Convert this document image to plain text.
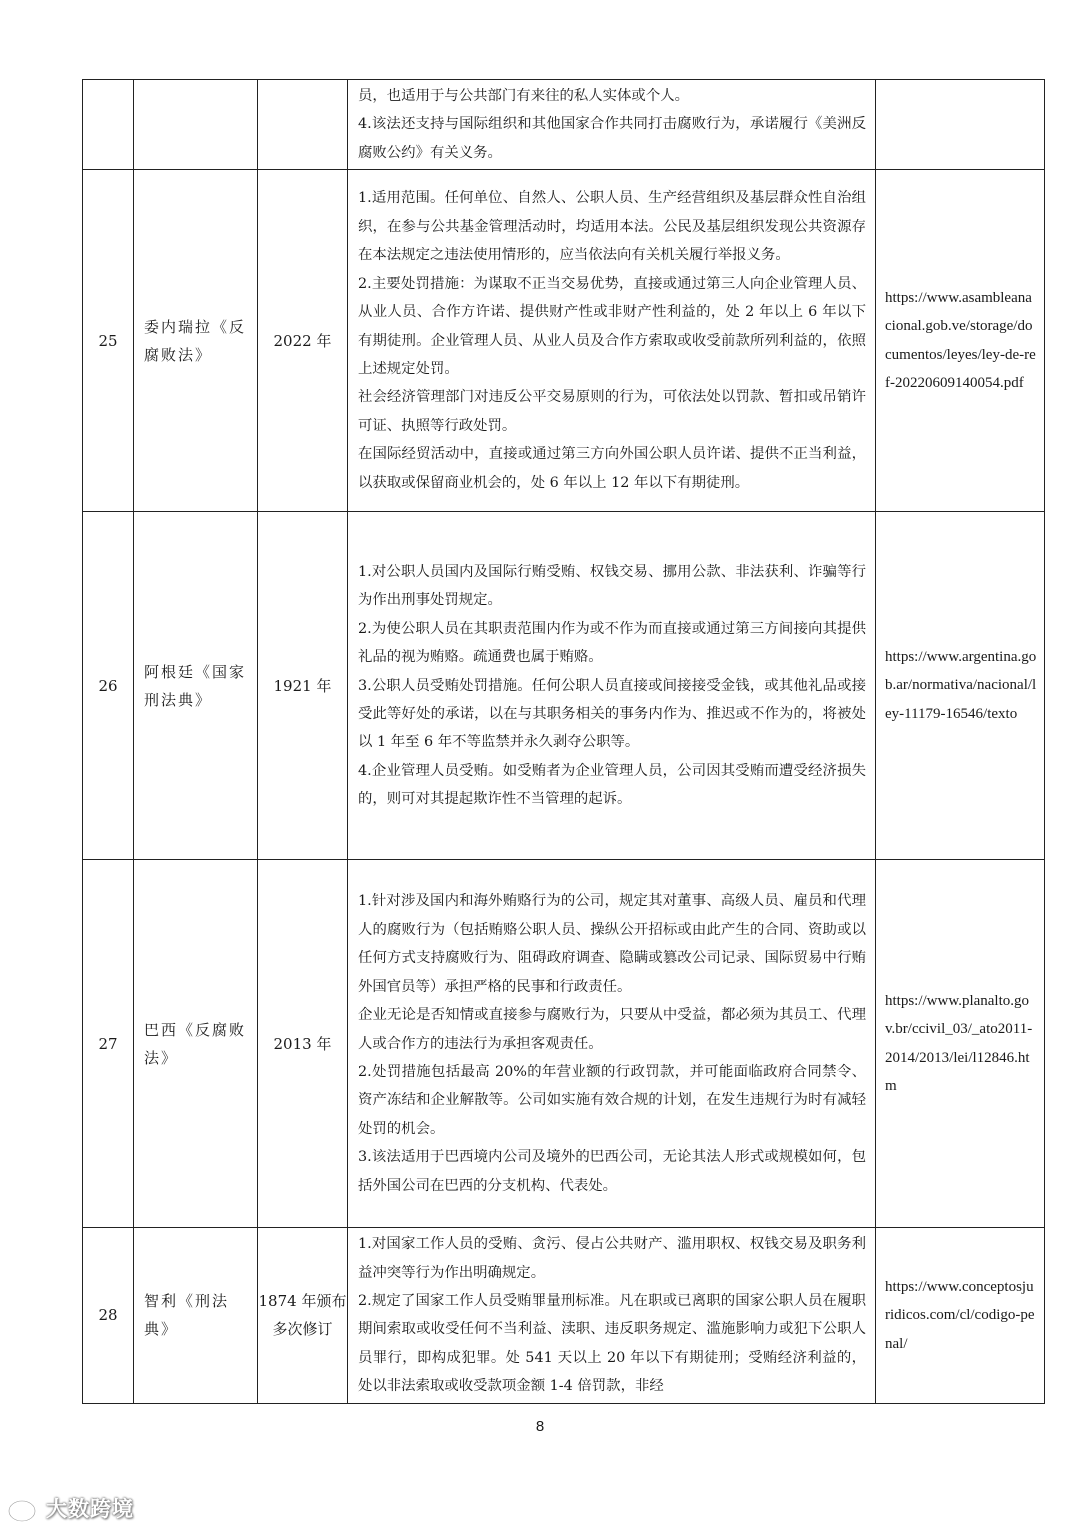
			员，也适用于与公共部门有来往的私人实体或个人。

4.该法还支持与国际组织和其他国家合作共同打击腐败行为，承诺履行《美洲反腐败公约》有关义务。	

25	委内瑞拉《反腐败法》	2022 年	1.适用范围。任何单位、自然人、公职人员、生产经营组织及基层群众性自治组织，在参与公共基金管理活动时，均适用本法。公民及基层组织发现公共资源存在本法规定之违法使用情形的，应当依法向有关机关履行举报义务。

2.主要处罚措施：为谋取不正当交易优势，直接或通过第三人向企业管理人员、从业人员、合作方许诺、提供财产性或非财产性利益的，处 2 年以上 6 年以下有期徒刑。企业管理人员、从业人员及合作方索取或收受前款所列利益的，依照上述规定处罚。

社会经济管理部门对违反公平交易原则的行为，可依法处以罚款、暂扣或吊销许可证、执照等行政处罚。

在国际经贸活动中，直接或通过第三方向外国公职人员许诺、提供不正当利益，以获取或保留商业机会的，处 6 年以上 12 年以下有期徒刑。	https://www.asambleanacional.gob.ve/storage/documentos/leyes/ley-de-ref-20220609140054.pdf
26	阿根廷《国家刑法典》	1921 年	1.对公职人员国内及国际行贿受贿、权钱交易、挪用公款、非法获利、诈骗等行为作出刑事处罚规定。

2.为使公职人员在其职责范围内作为或不作为而直接或通过第三方间接向其提供礼品的视为贿赂。疏通费也属于贿赂。

3.公职人员受贿处罚措施。任何公职人员直接或间接接受金钱，或其他礼品或接受此等好处的承诺，以在与其职务相关的事务内作为、推迟或不作为的，将被处以 1 年至 6 年不等监禁并永久剥夺公职等。

4.企业管理人员受贿。如受贿者为企业管理人员，公司因其受贿而遭受经济损失的，则可对其提起欺诈性不当管理的起诉。	https://www.argentina.gob.ar/normativa/nacional/ley-11179-16546/texto
27	巴西《反腐败法》	2013 年	1.针对涉及国内和海外贿赂行为的公司，规定其对董事、高级人员、雇员和代理人的腐败行为（包括贿赂公职人员、操纵公开招标或由此产生的合同、资助或以任何方式支持腐败行为、阻碍政府调查、隐瞒或篡改公司记录、国际贸易中行贿外国官员等）承担严格的民事和行政责任。

企业无论是否知情或直接参与腐败行为，只要从中受益，都必须为其员工、代理人或合作方的违法行为承担客观责任。

2.处罚措施包括最高 20%的年营业额的行政罚款，并可能面临政府合同禁令、资产冻结和企业解散等。公司如实施有效合规的计划，在发生违规行为时有减轻处罚的机会。

3.该法适用于巴西境内公司及境外的巴西公司，无论其法人形式或规模如何，包括外国公司在巴西的分支机构、代表处。	https://www.planalto.gov.br/ccivil_03/_ato2011-2014/2013/lei/l12846.htm
28	智利《刑法典》	1874 年颁布 多次修订	1.对国家工作人员的受贿、贪污、侵占公共财产、滥用职权、权钱交易及职务利益冲突等行为作出明确规定。

2.规定了国家工作人员受贿罪量刑标准。凡在职或已离职的国家公职人员在履职期间索取或收受任何不当利益、渎职、违反职务规定、滥施影响力或犯下公职人员罪行，即构成犯罪。处 541 天以上 20 年以下有期徒刑；受贿经济利益的，处以非法索取或收受款项金额 1-4 倍罚款，非经	https://www.conceptosjuridicos.com/cl/codigo-penal/
8
大数跨境
